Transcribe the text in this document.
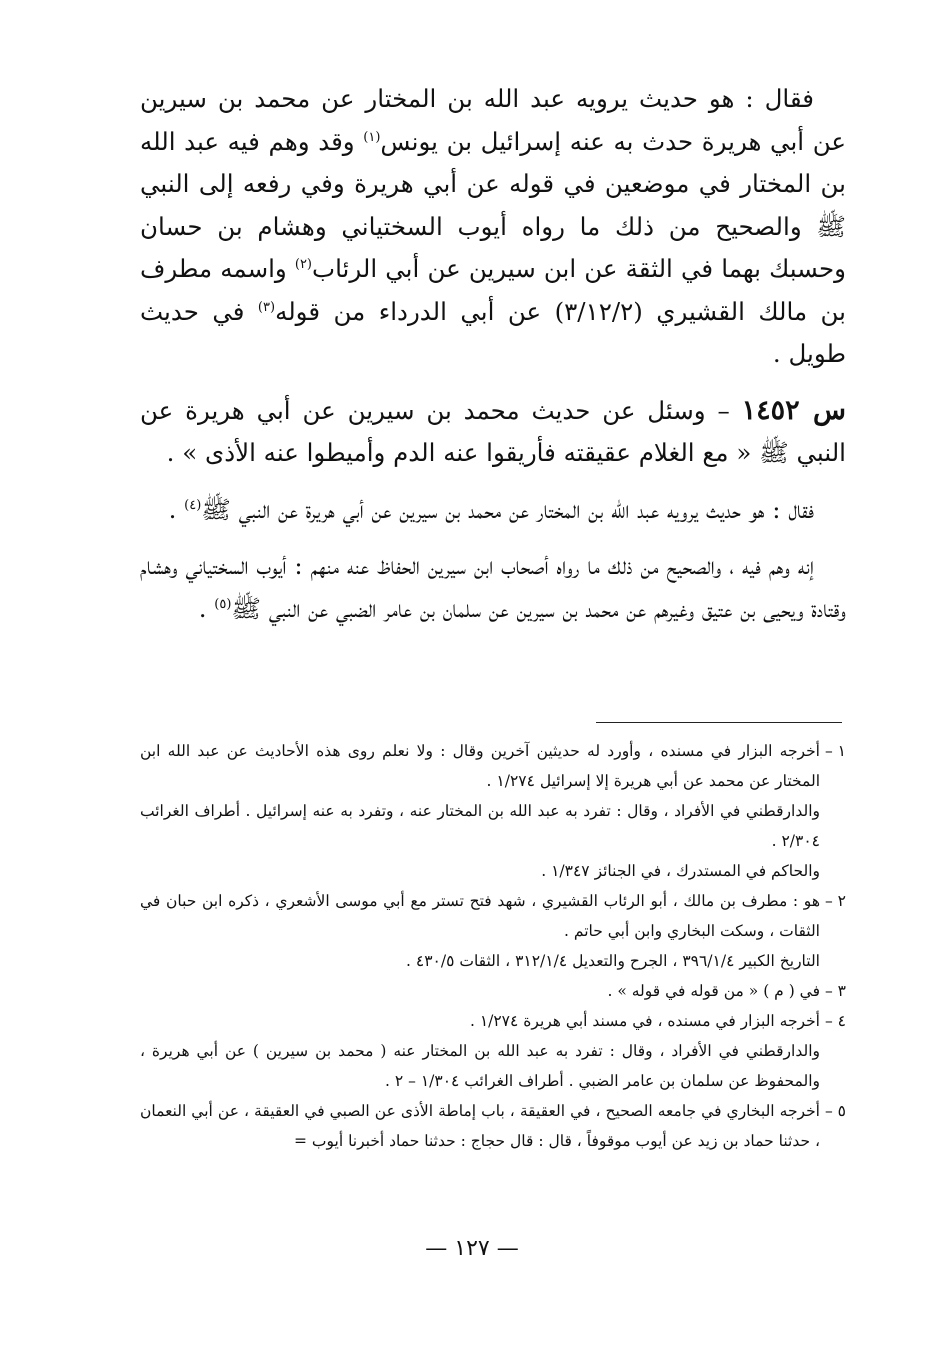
فقال : هو حديث يرويه عبد الله بن المختار عن محمد بن سيرين عن أبي هريرة حدث به عنه إسرائيل بن يونس$^{(١)}$ وقد وهم فيه عبد الله بن المختار في موضعين في قوله عن أبي هريرة وفي رفعه إلى النبي ﷺ والصحيح من ذلك ما رواه أيوب السختياني وهشام بن حسان وحسبك بهما في الثقة عن ابن سيرين عن أبي الرئاب$^{(٢)}$ واسمه مطرف بن مالك القشيري (٣/١٢/٢) عن أبي الدرداء من قوله$^{(٣)}$ في حديث طويل .

س ١٤٥٢ – وسئل عن حديث محمد بن سيرين عن أبي هريرة عن النبي ﷺ « مع الغلام عقيقته فأريقوا عنه الدم وأميطوا عنه الأذى » .

فقال : هو حديث يرويه عبد الله بن المختار عن محمد بن سيرين عن أبي هريرة عن النبي ﷺ$^{(٤)}$ .

إنه وهم فيه ، والصحيح من ذلك ما رواه أصحاب ابن سيرين الحفاظ عنه منهم : أيوب السختياني وهشام وقتادة ويحيى بن عتيق وغيرهم عن محمد بن سيرين عن سلمان بن عامر الضبي عن النبي ﷺ$^{(٥)}$ .

١ –
أخرجه البزار في مسنده ، وأورد له حديثين آخرين وقال : ولا نعلم روى هذه الأحاديث عن عبد الله ابن المختار عن محمد عن أبي هريرة إلا إسرائيل ١/٢٧٤ .

والدارقطني في الأفراد ، وقال : تفرد به عبد الله بن المختار عنه ، وتفرد به عنه إسرائيل . أطراف الغرائب ٢/٣٠٤ .

والحاكم في المستدرك ، في الجنائز ١/٣٤٧ .

٢ –
هو : مطرف بن مالك ، أبو الرئاب القشيري ، شهد فتح تستر مع أبي موسى الأشعري ، ذكره ابن حبان في الثقات ، وسكت البخاري وابن أبي حاتم .

التاريخ الكبير ٣٩٦/١/٤ ، الجرح والتعديل ٣١٢/١/٤ ، الثقات ٤٣٠/٥ .

٣ –
في ( م ) « من قوله في قوله » .

٤ –
أخرجه البزار في مسنده ، في مسند أبي هريرة ١/٢٧٤ .

والدارقطني في الأفراد ، وقال : تفرد به عبد الله بن المختار عنه ( محمد بن سيرين ) عن أبي هريرة ، والمحفوظ عن سلمان بن عامر الضبي . أطراف الغرائب ١/٣٠٤ – ٢ .

٥ –
أخرجه البخاري في جامعه الصحيح ، في العقيقة ، باب إماطة الأذى عن الصبي في العقيقة ، عن أبي النعمان ، حدثنا حماد بن زيد عن أيوب موقوفاً ، قال : قال حجاج : حدثنا حماد أخبرنا أيوب =

— ١٢٧ —
